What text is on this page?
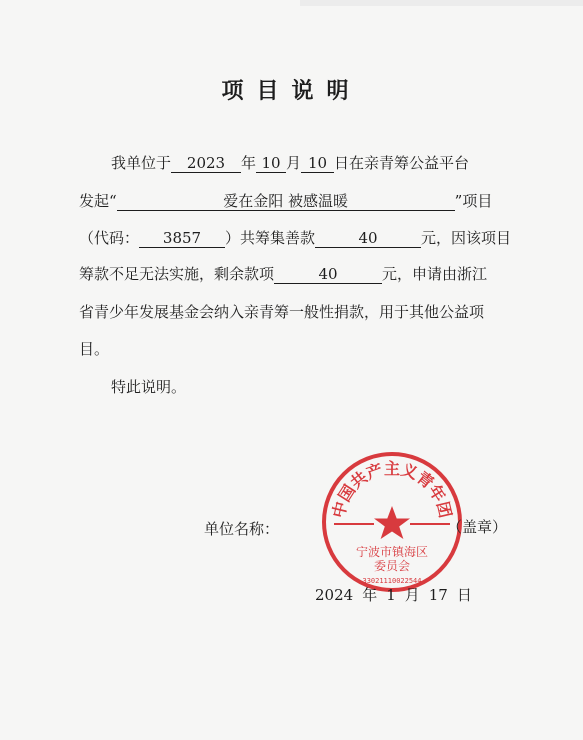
项目说明
我单位于 2023 年 10 月 10 日在亲青筹公益平台
发起“	爱在金阳 被感温暖	”项目
（代码： 3857 ）共筹集善款	40	元，因该项目
筹款不足无法实施，剩余款项	40	元，申请由浙江
省青少年发展基金会纳入亲青筹一般性捐款，用于其他公益项
目。
特此说明。
中国共产主义青年团
宁波市镇海区
委员会
33021110022544
单位名称：	（盖章）
2024 年 1 月 17 日
